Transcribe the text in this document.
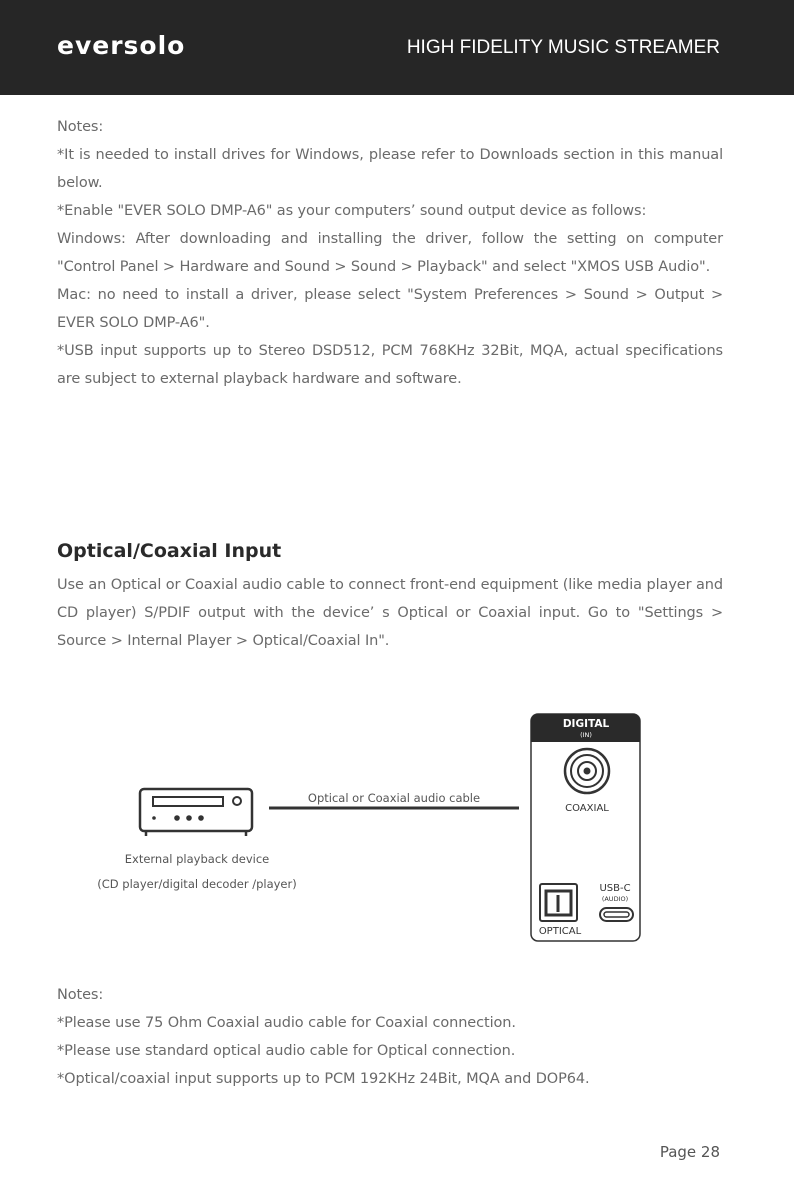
eversolo	HIGH FIDELITY MUSIC STREAMER

Notes:

*It is needed to install drives for Windows, please refer to Downloads section in this manual below.

*Enable "EVER SOLO DMP-A6" as your computers’ sound output device as follows:

Windows: After downloading and installing the driver, follow the setting on computer "Control Panel > Hardware and Sound > Sound > Playback" and select "XMOS USB Audio".

Mac: no need to install a driver, please select "System Preferences > Sound > Output > EVER SOLO DMP-A6".

*USB input supports up to Stereo DSD512, PCM 768KHz 32Bit, MQA, actual specifications are subject to external playback hardware and software.

Optical/Coaxial Input

Use an Optical or Coaxial audio cable to connect front-end equipment (like media player and CD player) S/PDIF output with the device’ s Optical or Coaxial input. Go to "Settings > Source > Internal Player > Optical/Coaxial In".

External playback device
(CD player/digital decoder /player)
Optical or Coaxial audio cable
DIGITAL
(IN)
COAXIAL
OPTICAL
USB-C
(AUDIO)

Notes:

*Please use 75 Ohm Coaxial audio cable for Coaxial connection.

*Please use standard optical audio cable for Optical connection.

*Optical/coaxial input supports up to PCM 192KHz 24Bit, MQA and DOP64.

Page 28
